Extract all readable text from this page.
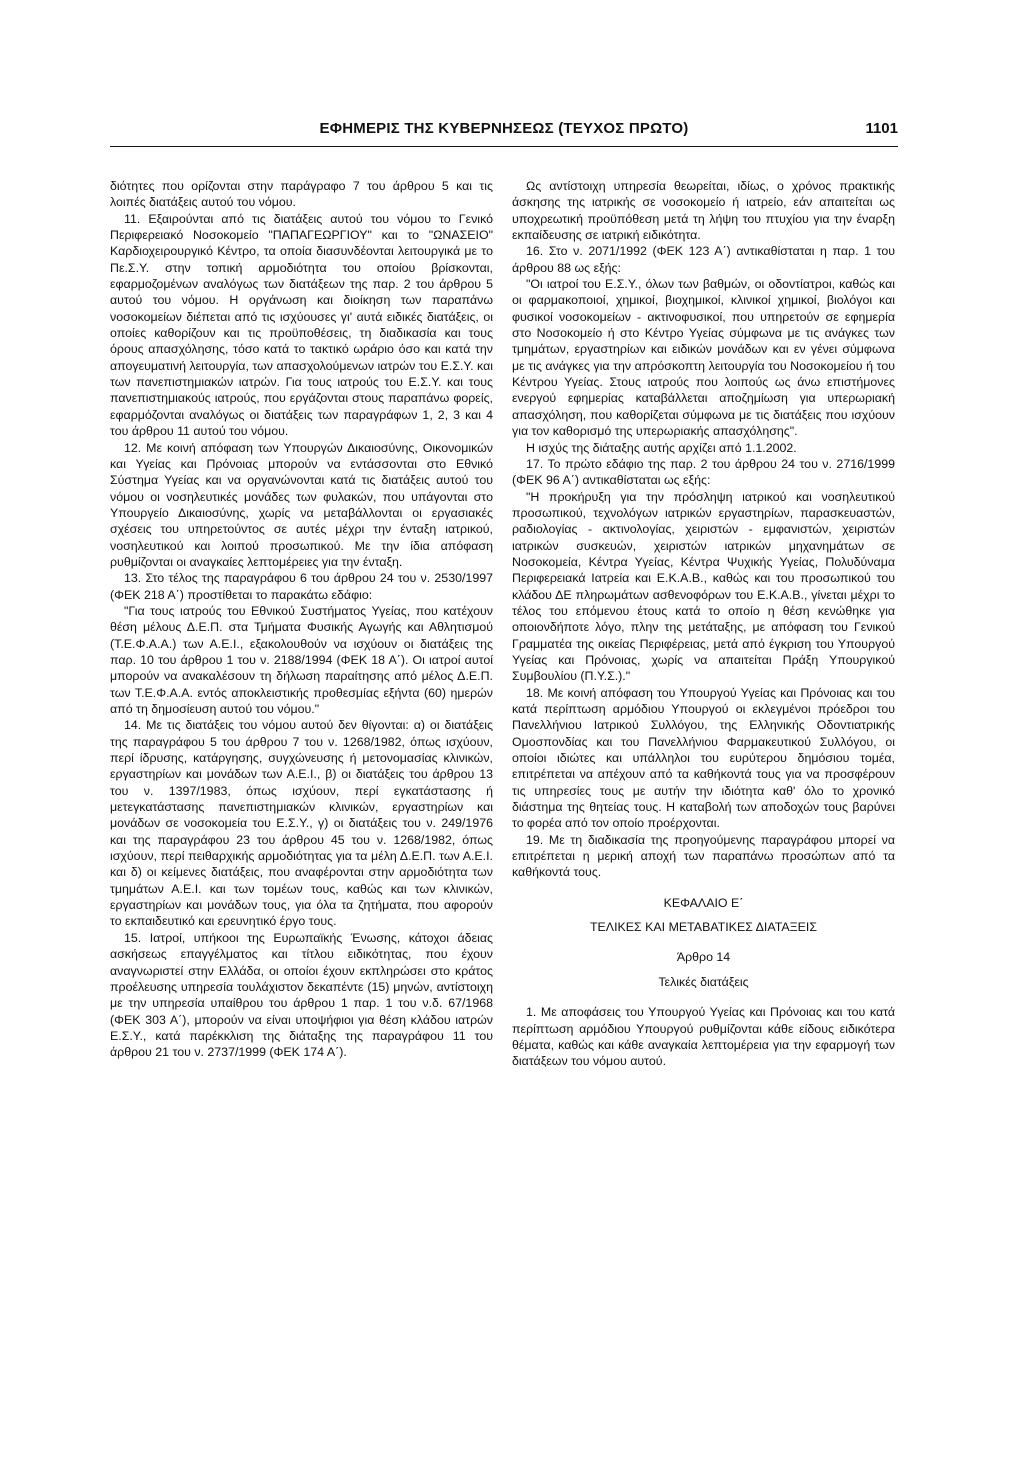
ΕΦΗΜΕΡΙΣ ΤΗΣ ΚΥΒΕΡΝΗΣΕΩΣ (ΤΕΥΧΟΣ ΠΡΩΤΟ)	1101

διότητες που ορίζονται στην παράγραφο 7 του άρθρου 5 και τις λοιπές διατάξεις αυτού του νόμου.

11. Εξαιρούνται από τις διατάξεις αυτού του νόμου το Γενικό Περιφερειακό Νοσοκομείο "ΠΑΠΑΓΕΩΡΓΙΟΥ" και το "ΩΝΑΣΕΙΟ" Καρδιοχειρουργικό Κέντρο, τα οποία διασυνδέονται λειτουργικά με το Πε.Σ.Υ. στην τοπική αρμοδιότητα του οποίου βρίσκονται, εφαρμοζομένων αναλόγως των διατάξεων της παρ. 2 του άρθρου 5 αυτού του νόμου. Η οργάνωση και διοίκηση των παραπάνω νοσοκομείων διέπεται από τις ισχύουσες γι' αυτά ειδικές διατάξεις, οι οποίες καθορίζουν και τις προϋποθέσεις, τη διαδικασία και τους όρους απασχόλησης, τόσο κατά το τακτικό ωράριο όσο και κατά την απογευματινή λειτουργία, των απασχολούμενων ιατρών του Ε.Σ.Υ. και των πανεπιστημιακών ιατρών. Για τους ιατρούς του Ε.Σ.Υ. και τους πανεπιστημιακούς ιατρούς, που εργάζονται στους παραπάνω φορείς, εφαρμόζονται αναλόγως οι διατάξεις των παραγράφων 1, 2, 3 και 4 του άρθρου 11 αυτού του νόμου.

12. Με κοινή απόφαση των Υπουργών Δικαιοσύνης, Οικονομικών και Υγείας και Πρόνοιας μπορούν να εντάσσονται στο Εθνικό Σύστημα Υγείας και να οργανώνονται κατά τις διατάξεις αυτού του νόμου οι νοσηλευτικές μονάδες των φυλακών, που υπάγονται στο Υπουργείο Δικαιοσύνης, χωρίς να μεταβάλλονται οι εργασιακές σχέσεις του υπηρετούντος σε αυτές μέχρι την ένταξη ιατρικού, νοσηλευτικού και λοιπού προσωπικού. Με την ίδια απόφαση ρυθμίζονται οι αναγκαίες λεπτομέρειες για την ένταξη.

13. Στο τέλος της παραγράφου 6 του άρθρου 24 του ν. 2530/1997 (ΦΕΚ 218 Α΄) προστίθεται το παρακάτω εδάφιο:

"Για τους ιατρούς του Εθνικού Συστήματος Υγείας, που κατέχουν θέση μέλους Δ.Ε.Π. στα Τμήματα Φυσικής Αγωγής και Αθλητισμού (Τ.Ε.Φ.Α.Α.) των Α.Ε.Ι., εξακολουθούν να ισχύουν οι διατάξεις της παρ. 10 του άρθρου 1 του ν. 2188/1994 (ΦΕΚ 18 Α΄). Οι ιατροί αυτοί μπορούν να ανακαλέσουν τη δήλωση παραίτησης από μέλος Δ.Ε.Π. των Τ.Ε.Φ.Α.Α. εντός αποκλειστικής προθεσμίας εξήντα (60) ημερών από τη δημοσίευση αυτού του νόμου."

14. Με τις διατάξεις του νόμου αυτού δεν θίγονται: α) οι διατάξεις της παραγράφου 5 του άρθρου 7 του ν. 1268/1982, όπως ισχύουν, περί ίδρυσης, κατάργησης, συγχώνευσης ή μετονομασίας κλινικών, εργαστηρίων και μονάδων των Α.Ε.Ι., β) οι διατάξεις του άρθρου 13 του ν. 1397/1983, όπως ισχύουν, περί εγκατάστασης ή μετεγκατάστασης πανεπιστημιακών κλινικών, εργαστηρίων και μονάδων σε νοσοκομεία του Ε.Σ.Υ., γ) οι διατάξεις του ν. 249/1976 και της παραγράφου 23 του άρθρου 45 του ν. 1268/1982, όπως ισχύουν, περί πειθαρχικής αρμοδιότητας για τα μέλη Δ.Ε.Π. των Α.Ε.Ι. και δ) οι κείμενες διατάξεις, που αναφέρονται στην αρμοδιότητα των τμημάτων Α.Ε.Ι. και των τομέων τους, καθώς και των κλινικών, εργαστηρίων και μονάδων τους, για όλα τα ζητήματα, που αφορούν το εκπαιδευτικό και ερευνητικό έργο τους.

15. Ιατροί, υπήκοοι της Ευρωπαϊκής Ένωσης, κάτοχοι άδειας ασκήσεως επαγγέλματος και τίτλου ειδικότητας, που έχουν αναγνωριστεί στην Ελλάδα, οι οποίοι έχουν εκπληρώσει στο κράτος προέλευσης υπηρεσία τουλάχιστον δεκαπέντε (15) μηνών, αντίστοιχη με την υπηρεσία υπαίθρου του άρθρου 1 παρ. 1 του ν.δ. 67/1968 (ΦΕΚ 303 Α΄), μπορούν να είναι υποψήφιοι για θέση κλάδου ιατρών Ε.Σ.Υ., κατά παρέκκλιση της διάταξης της παραγράφου 11 του άρθρου 21 του ν. 2737/1999 (ΦΕΚ 174 Α΄).

Ως αντίστοιχη υπηρεσία θεωρείται, ιδίως, ο χρόνος πρακτικής άσκησης της ιατρικής σε νοσοκομείο ή ιατρείο, εάν απαιτείται ως υποχρεωτική προϋπόθεση μετά τη λήψη του πτυχίου για την έναρξη εκπαίδευσης σε ιατρική ειδικότητα.

16. Στο ν. 2071/1992 (ΦΕΚ 123 Α΄) αντικαθίσταται η παρ. 1 του άρθρου 88 ως εξής:

"Οι ιατροί του Ε.Σ.Υ., όλων των βαθμών, οι οδοντίατροι, καθώς και οι φαρμακοποιοί, χημικοί, βιοχημικοί, κλινικοί χημικοί, βιολόγοι και φυσικοί νοσοκομείων - ακτινοφυσικοί, που υπηρετούν σε εφημερία στο Νοσοκομείο ή στο Κέντρο Υγείας σύμφωνα με τις ανάγκες των τμημάτων, εργαστηρίων και ειδικών μονάδων και εν γένει σύμφωνα με τις ανάγκες για την απρόσκοπτη λειτουργία του Νοσοκομείου ή του Κέντρου Υγείας. Στους ιατρούς που λοιπούς ως άνω επιστήμονες ενεργού εφημερίας καταβάλλεται αποζημίωση για υπερωριακή απασχόληση, που καθορίζεται σύμφωνα με τις διατάξεις που ισχύουν για τον καθορισμό της υπερωριακής απασχόλησης".

Η ισχύς της διάταξης αυτής αρχίζει από 1.1.2002.

17. Το πρώτο εδάφιο της παρ. 2 του άρθρου 24 του ν. 2716/1999 (ΦΕΚ 96 Α΄) αντικαθίσταται ως εξής:

"Η προκήρυξη για την πρόσληψη ιατρικού και νοσηλευτικού προσωπικού, τεχνολόγων ιατρικών εργαστηρίων, παρασκευαστών, ραδιολογίας - ακτινολογίας, χειριστών - εμφανιστών, χειριστών ιατρικών συσκευών, χειριστών ιατρικών μηχανημάτων σε Νοσοκομεία, Κέντρα Υγείας, Κέντρα Ψυχικής Υγείας, Πολυδύναμα Περιφερειακά Ιατρεία και Ε.Κ.Α.Β., καθώς και του προσωπικού του κλάδου ΔΕ πληρωμάτων ασθενοφόρων του Ε.Κ.Α.Β., γίνεται μέχρι το τέλος του επόμενου έτους κατά το οποίο η θέση κενώθηκε για οποιονδήποτε λόγο, πλην της μετάταξης, με απόφαση του Γενικού Γραμματέα της οικείας Περιφέρειας, μετά από έγκριση του Υπουργού Υγείας και Πρόνοιας, χωρίς να απαιτείται Πράξη Υπουργικού Συμβουλίου (Π.Υ.Σ.)."

18. Με κοινή απόφαση του Υπουργού Υγείας και Πρόνοιας και του κατά περίπτωση αρμόδιου Υπουργού οι εκλεγμένοι πρόεδροι του Πανελλήνιου Ιατρικού Συλλόγου, της Ελληνικής Οδοντιατρικής Ομοσπονδίας και του Πανελλήνιου Φαρμακευτικού Συλλόγου, οι οποίοι ιδιώτες και υπάλληλοι του ευρύτερου δημόσιου τομέα, επιτρέπεται να απέχουν από τα καθήκοντά τους για να προσφέρουν τις υπηρεσίες τους με αυτήν την ιδιότητα καθ' όλο το χρονικό διάστημα της θητείας τους. Η καταβολή των αποδοχών τους βαρύνει το φορέα από τον οποίο προέρχονται.

19. Με τη διαδικασία της προηγούμενης παραγράφου μπορεί να επιτρέπεται η μερική αποχή των παραπάνω προσώπων από τα καθήκοντά τους.

ΚΕΦΑΛΑΙΟ Ε΄

ΤΕΛΙΚΕΣ ΚΑΙ ΜΕΤΑΒΑΤΙΚΕΣ ΔΙΑΤΑΞΕΙΣ

Άρθρο 14

Τελικές διατάξεις

1. Με αποφάσεις του Υπουργού Υγείας και Πρόνοιας και του κατά περίπτωση αρμόδιου Υπουργού ρυθμίζονται κάθε είδους ειδικότερα θέματα, καθώς και κάθε αναγκαία λεπτομέρεια για την εφαρμογή των διατάξεων του νόμου αυτού.
